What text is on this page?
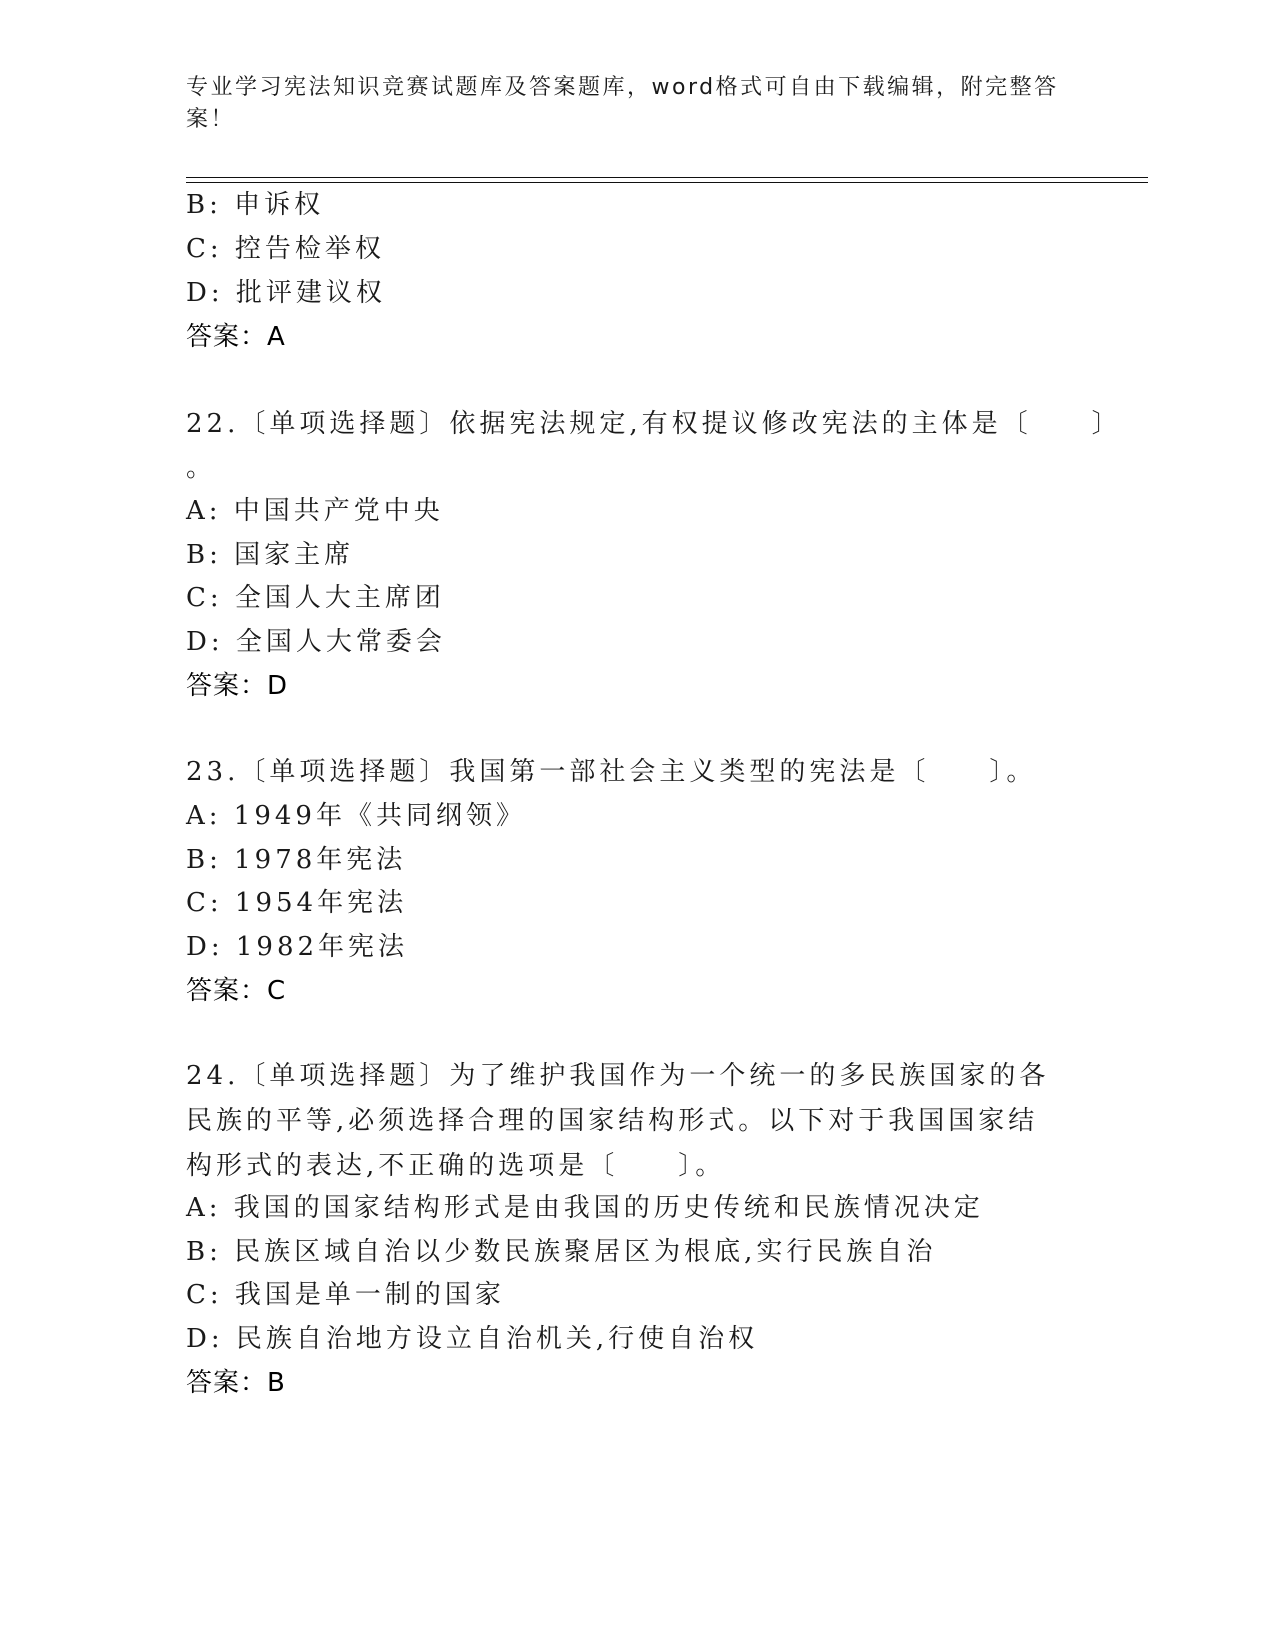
专业学习宪法知识竞赛试题库及答案题库，word格式可自由下载编辑，附完整答案！
B: 申诉权
C: 控告检举权
D: 批评建议权
答案：A
22.〔单项选择题〕依据宪法规定,有权提议修改宪法的主体是〔　　〕
。
A: 中国共产党中央
B: 国家主席
C: 全国人大主席团
D: 全国人大常委会
答案：D
23.〔单项选择题〕我国第一部社会主义类型的宪法是〔　　〕。
A: 1949年《共同纲领》
B: 1978年宪法
C: 1954年宪法
D: 1982年宪法
答案：C
24.〔单项选择题〕为了维护我国作为一个统一的多民族国家的各民族的平等,必须选择合理的国家结构形式。以下对于我国国家结构形式的表达,不正确的选项是〔　　〕。
A: 我国的国家结构形式是由我国的历史传统和民族情况决定
B: 民族区域自治以少数民族聚居区为根底,实行民族自治
C: 我国是单一制的国家
D: 民族自治地方设立自治机关,行使自治权
答案：B
